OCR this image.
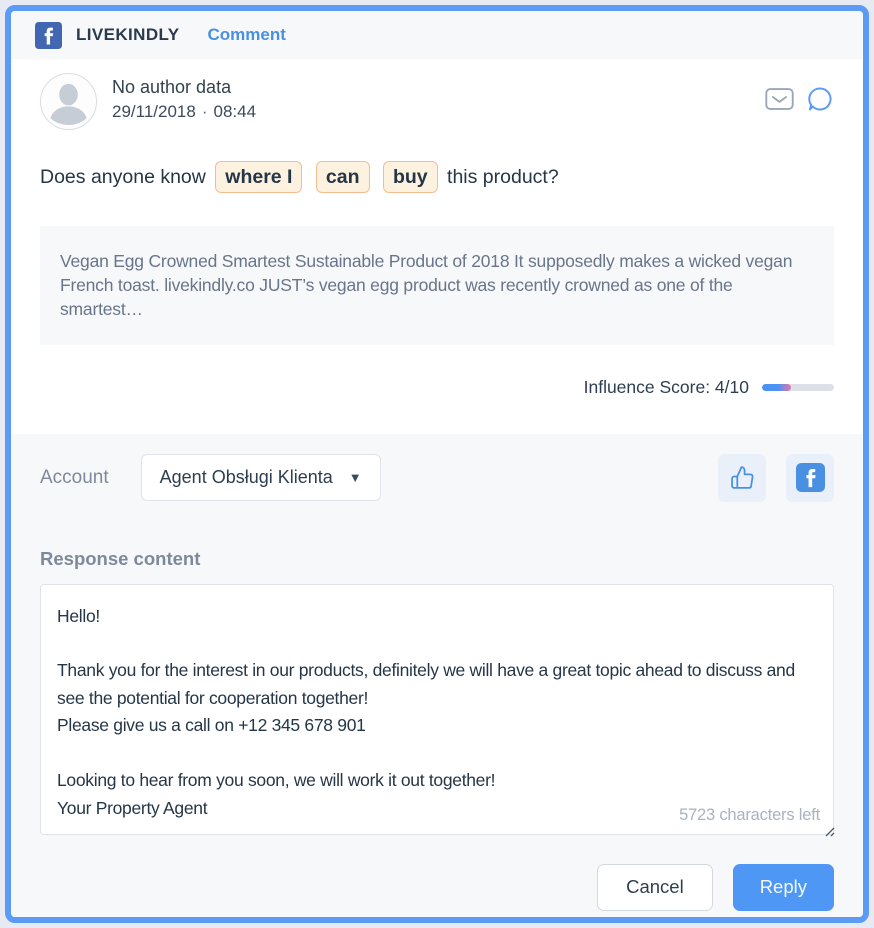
LIVEKINDLY Comment
No author data
29/11/2018 · 08:44
Does anyone know where I can buy this product?
Vegan Egg Crowned Smartest Sustainable Product of 2018 It supposedly makes a wicked vegan French toast. livekindly.co JUST’s vegan egg product was recently crowned as one of the smartest…
Influence Score: 4/10
Account	Agent Obsługi Klienta ▼
Response content
Hello! Thank you for the interest in our products, definitely we will have a great topic ahead to discuss and see the potential for cooperation together! Please give us a call on +12 345 678 901 Looking to hear from you soon, we will work it out together! Your Property Agent
5723 characters left
Cancel	Reply
